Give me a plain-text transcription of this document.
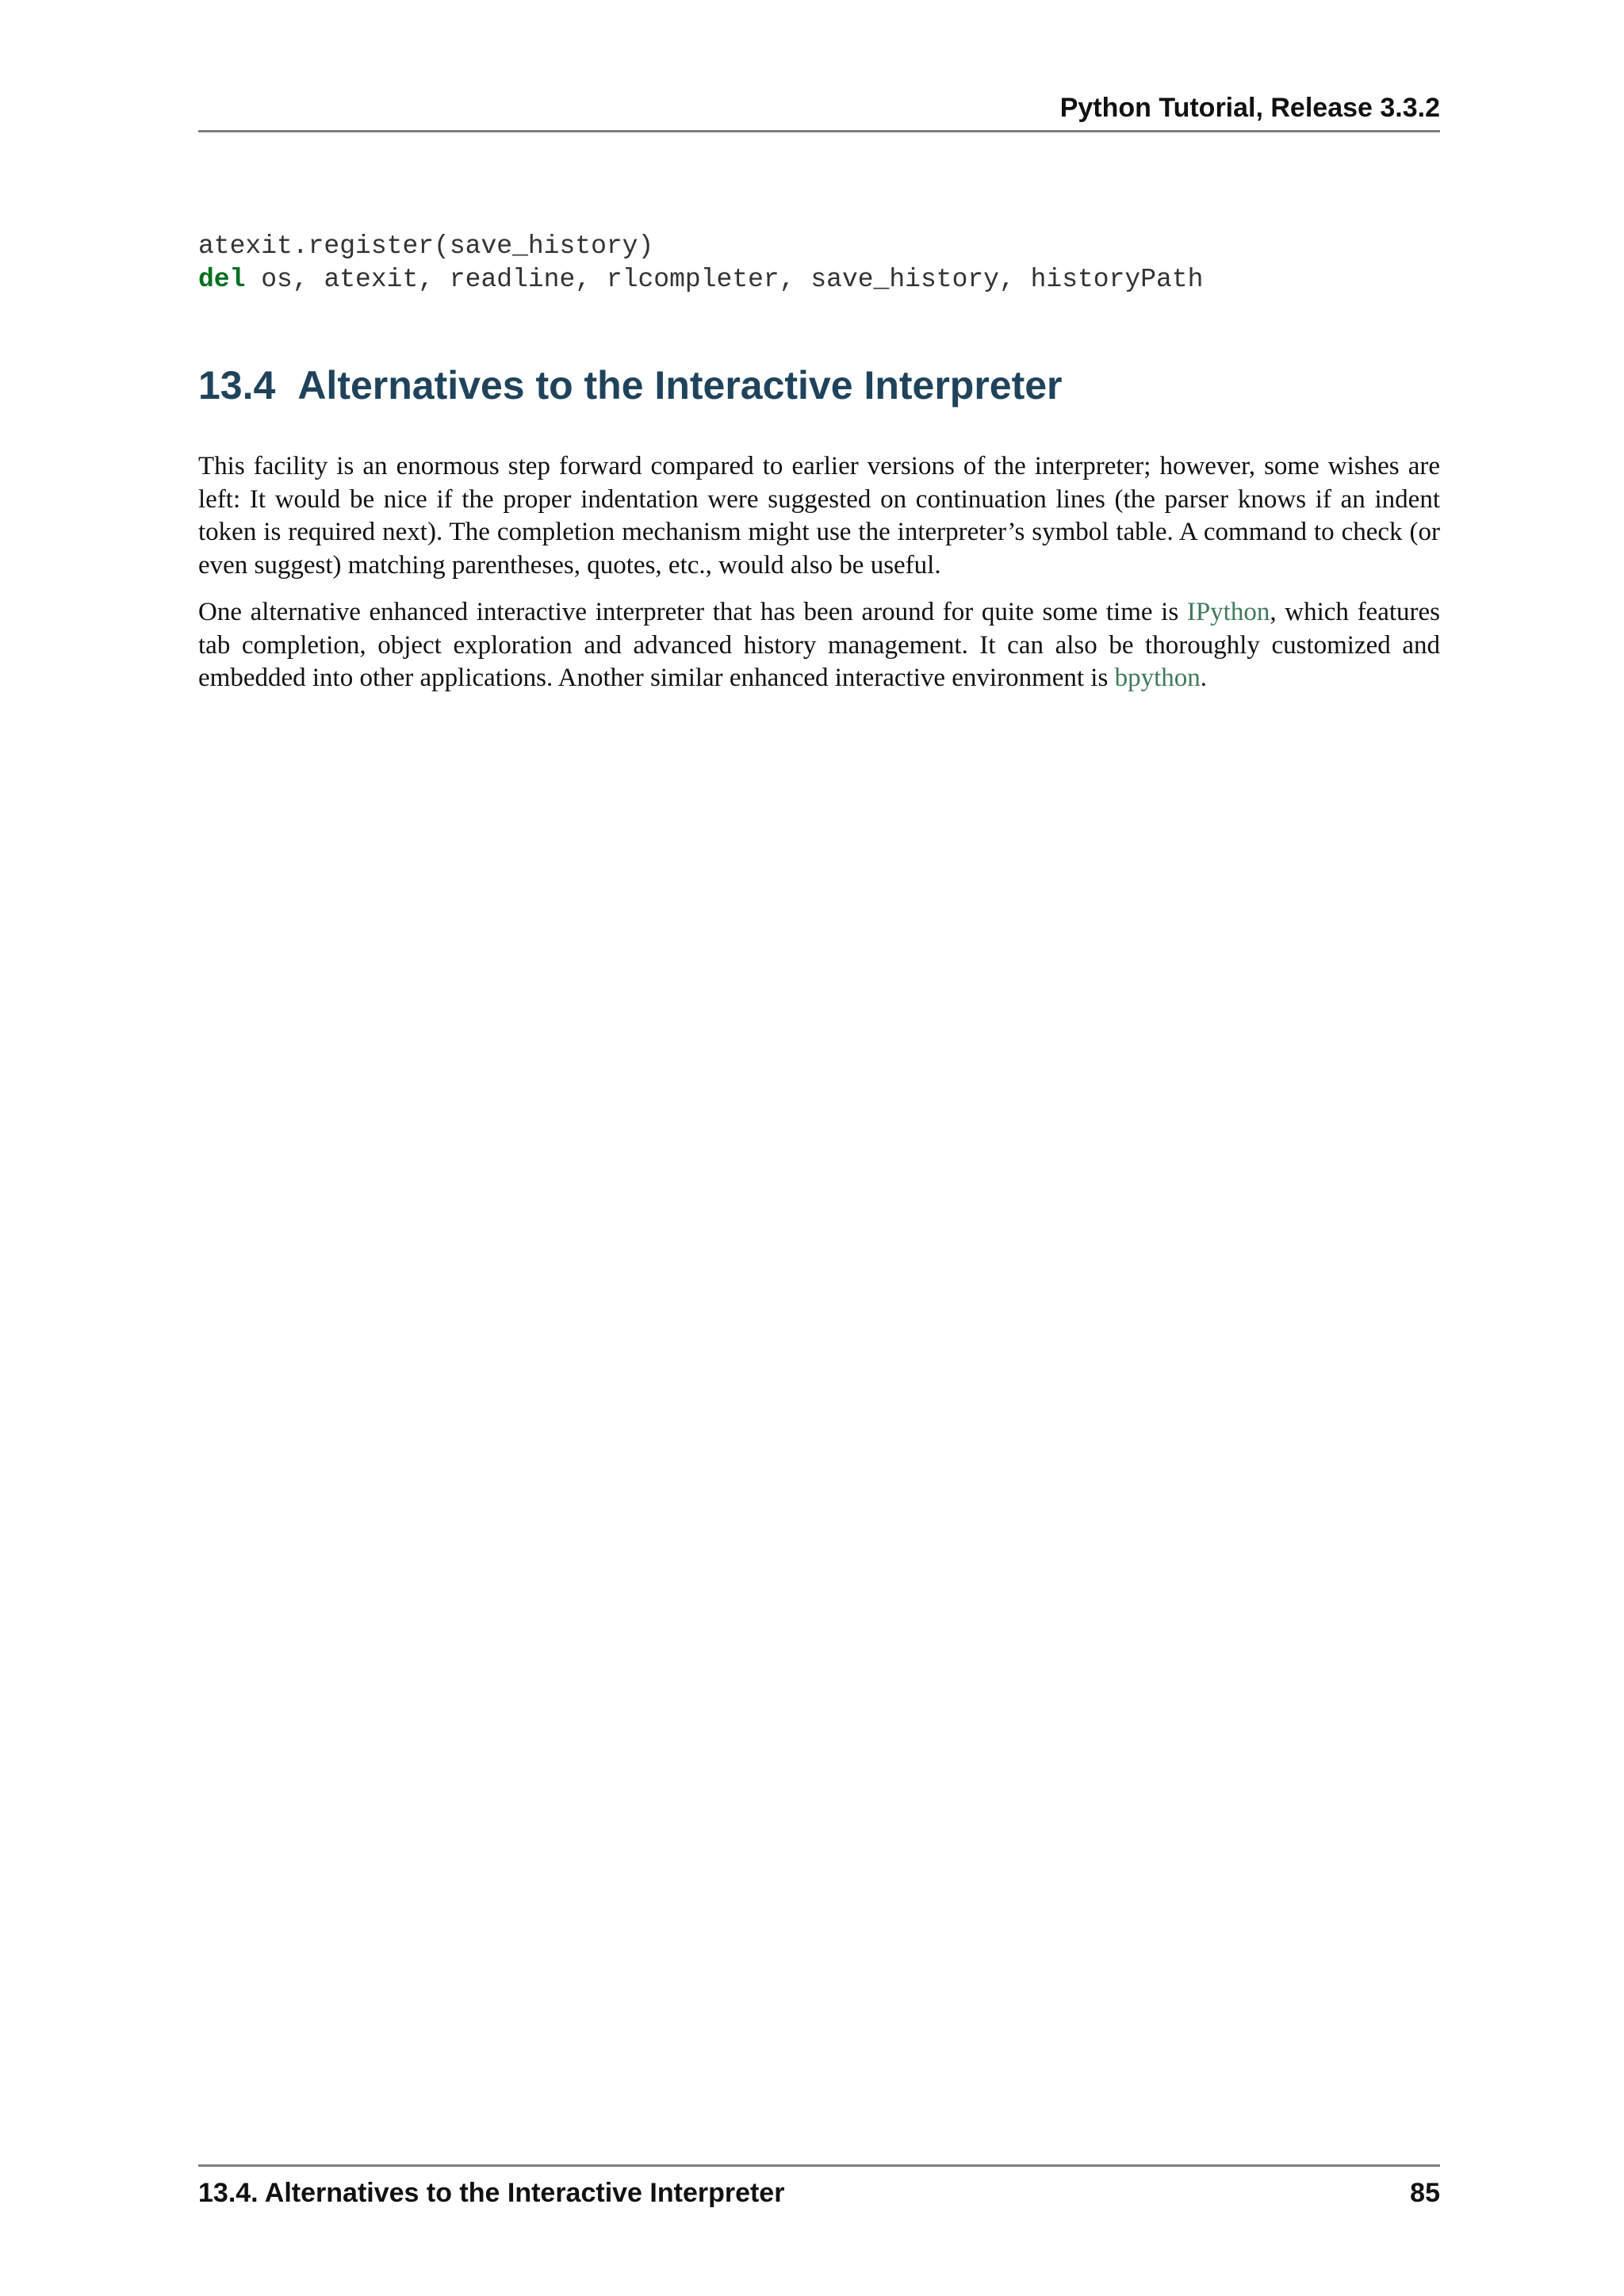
Python Tutorial, Release 3.3.2
atexit.register(save_history)
del os, atexit, readline, rlcompleter, save_history, historyPath
13.4 Alternatives to the Interactive Interpreter

This facility is an enormous step forward compared to earlier versions of the interpreter; however, some wishes are left: It would be nice if the proper indentation were suggested on continuation lines (the parser knows if an indent token is required next). The completion mechanism might use the interpreter’s symbol table. A command to check (or even suggest) matching parentheses, quotes, etc., would also be useful.

One alternative enhanced interactive interpreter that has been around for quite some time is IPython, which features tab completion, object exploration and advanced history management. It can also be thoroughly customized and embedded into other applications. Another similar enhanced interactive environment is bpython.

13.4. Alternatives to the Interactive Interpreter	85
